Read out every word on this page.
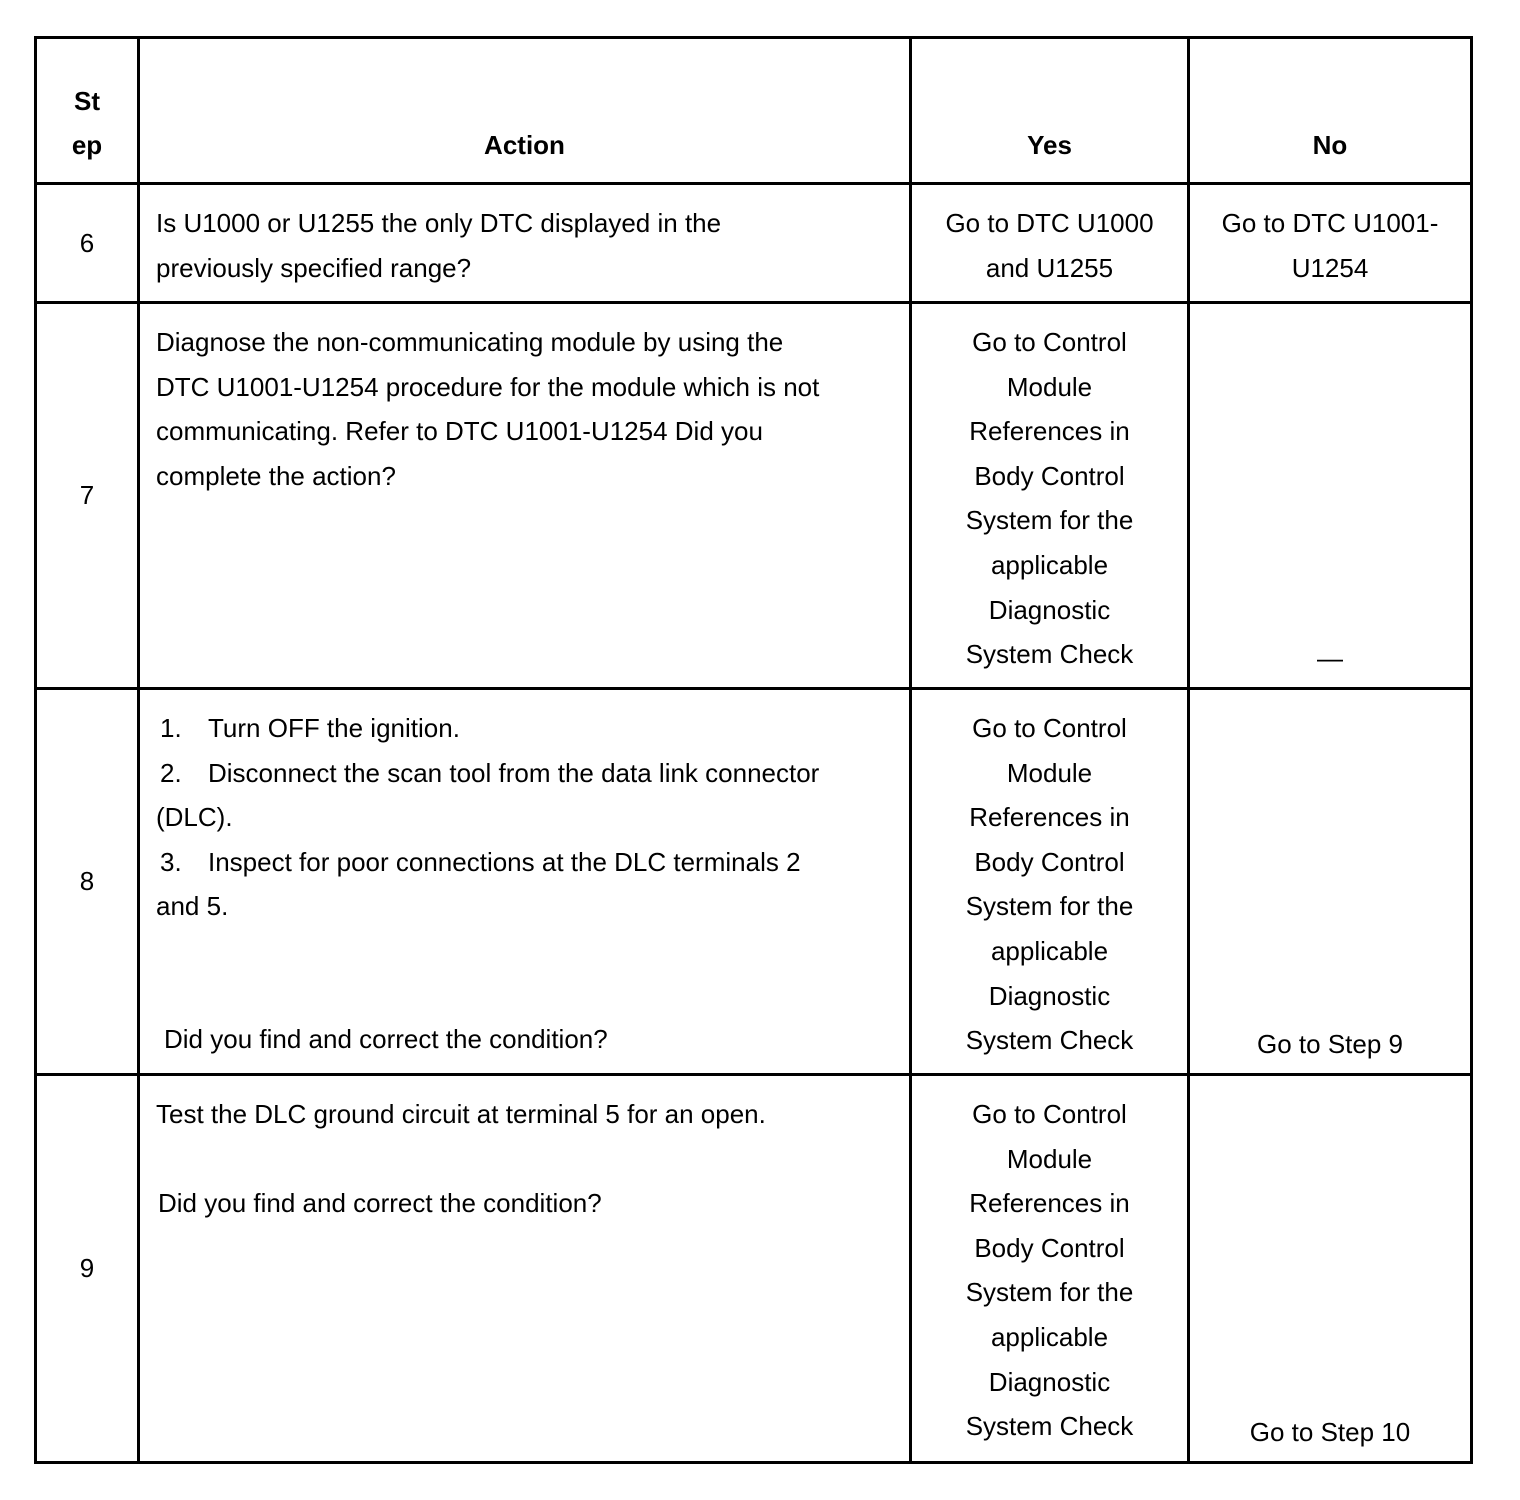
St
ep	Action	Yes	No
6	Is U1000 or U1255 the only DTC displayed in the previously specified range?	Go to DTC U1000 and U1255	Go to DTC U1001-U1254
7	Diagnose the non-communicating module by using the DTC U1001-U1254 procedure for the module which is not communicating. Refer to DTC U1001-U1254 Did you complete the action?	Go to Control Module References in Body Control System for the applicable Diagnostic System Check	—
8	1. Turn OFF the ignition.
2. Disconnect the scan tool from the data link connector (DLC).
3. Inspect for poor connections at the DLC terminals 2 and 5.
Did you find and correct the condition?	Go to Control Module References in Body Control System for the applicable Diagnostic System Check	Go to Step 9
9	Test the DLC ground circuit at terminal 5 for an open.
Did you find and correct the condition?	Go to Control Module References in Body Control System for the applicable Diagnostic System Check	Go to Step 10
